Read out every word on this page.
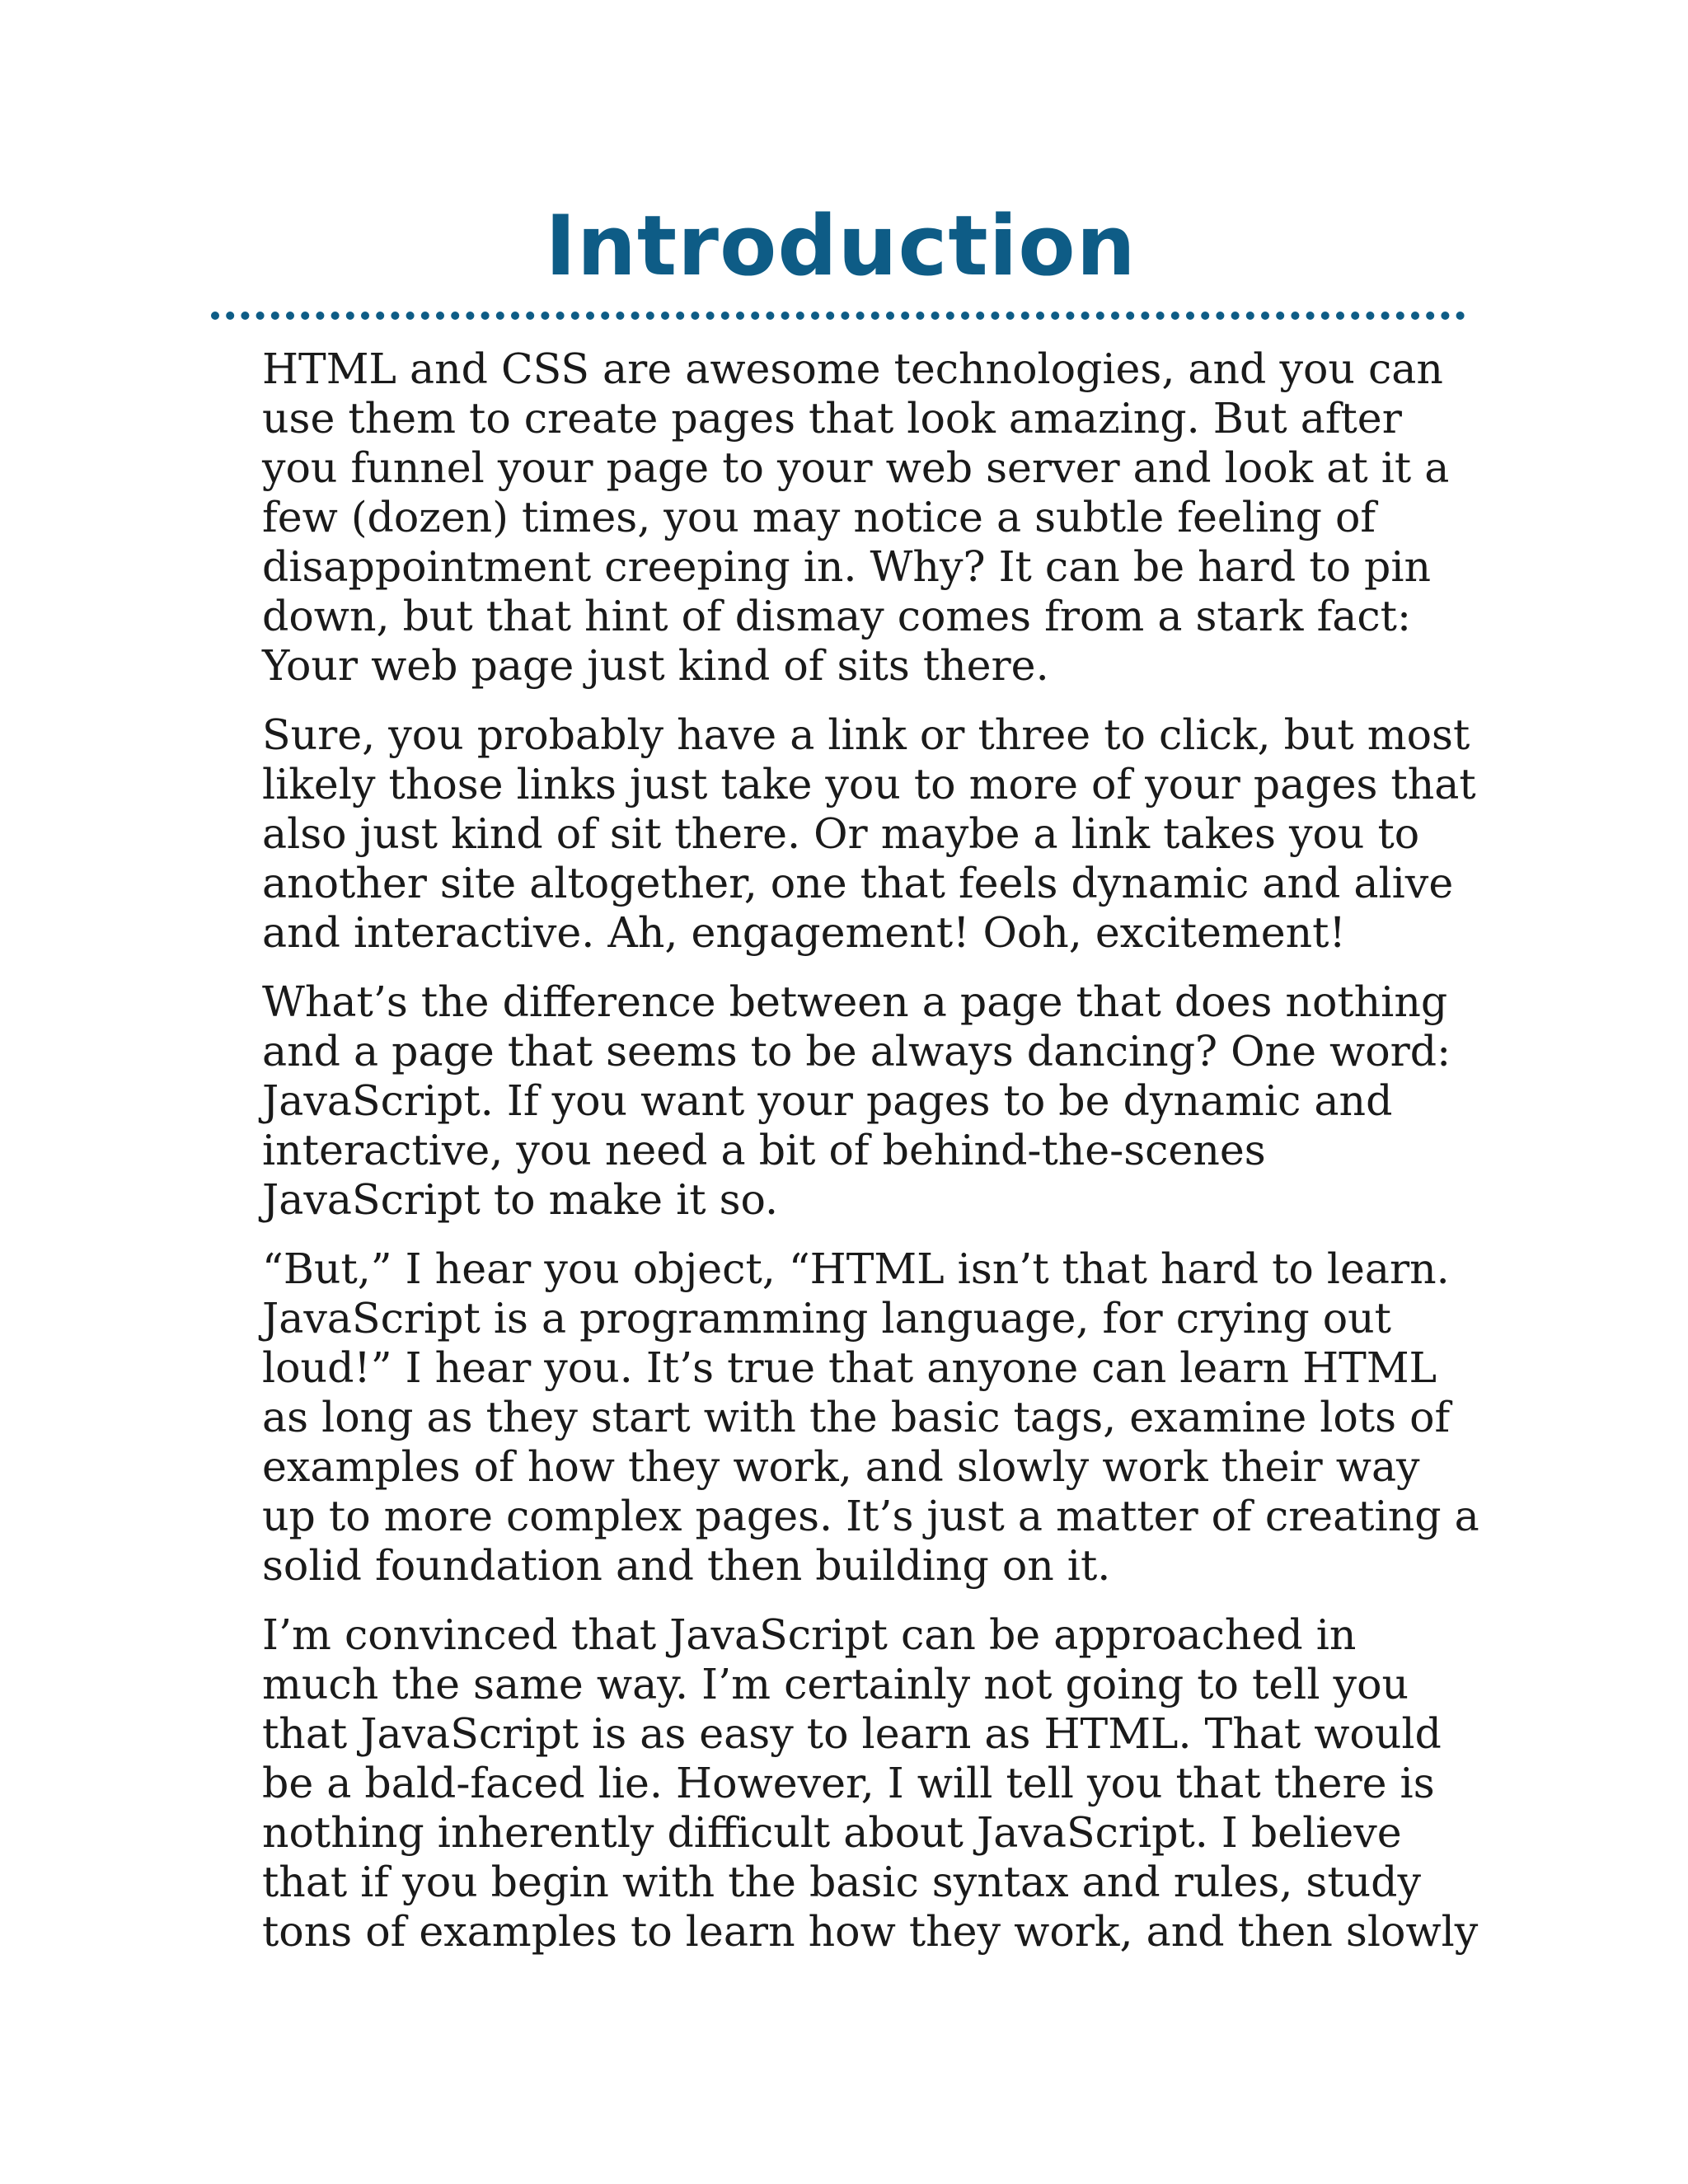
Introduction

HTML and CSS are awesome technologies, and you can
use them to create pages that look amazing. But after
you funnel your page to your web server and look at it a
few (dozen) times, you may notice a subtle feeling of
disappointment creeping in. Why? It can be hard to pin
down, but that hint of dismay comes from a stark fact:
Your web page just kind of sits there.

Sure, you probably have a link or three to click, but most
likely those links just take you to more of your pages that
also just kind of sit there. Or maybe a link takes you to
another site altogether, one that feels dynamic and alive
and interactive. Ah, engagement! Ooh, excitement!

What’s the difference between a page that does nothing
and a page that seems to be always dancing? One word:
JavaScript. If you want your pages to be dynamic and
interactive, you need a bit of behind-the-scenes
JavaScript to make it so.

“But,” I hear you object, “HTML isn’t that hard to learn.
JavaScript is a programming language, for crying out
loud!” I hear you. It’s true that anyone can learn HTML
as long as they start with the basic tags, examine lots of
examples of how they work, and slowly work their way
up to more complex pages. It’s just a matter of creating a
solid foundation and then building on it.

I’m convinced that JavaScript can be approached in
much the same way. I’m certainly not going to tell you
that JavaScript is as easy to learn as HTML. That would
be a bald-faced lie. However, I will tell you that there is
nothing inherently difficult about JavaScript. I believe
that if you begin with the basic syntax and rules, study
tons of examples to learn how they work, and then slowly
